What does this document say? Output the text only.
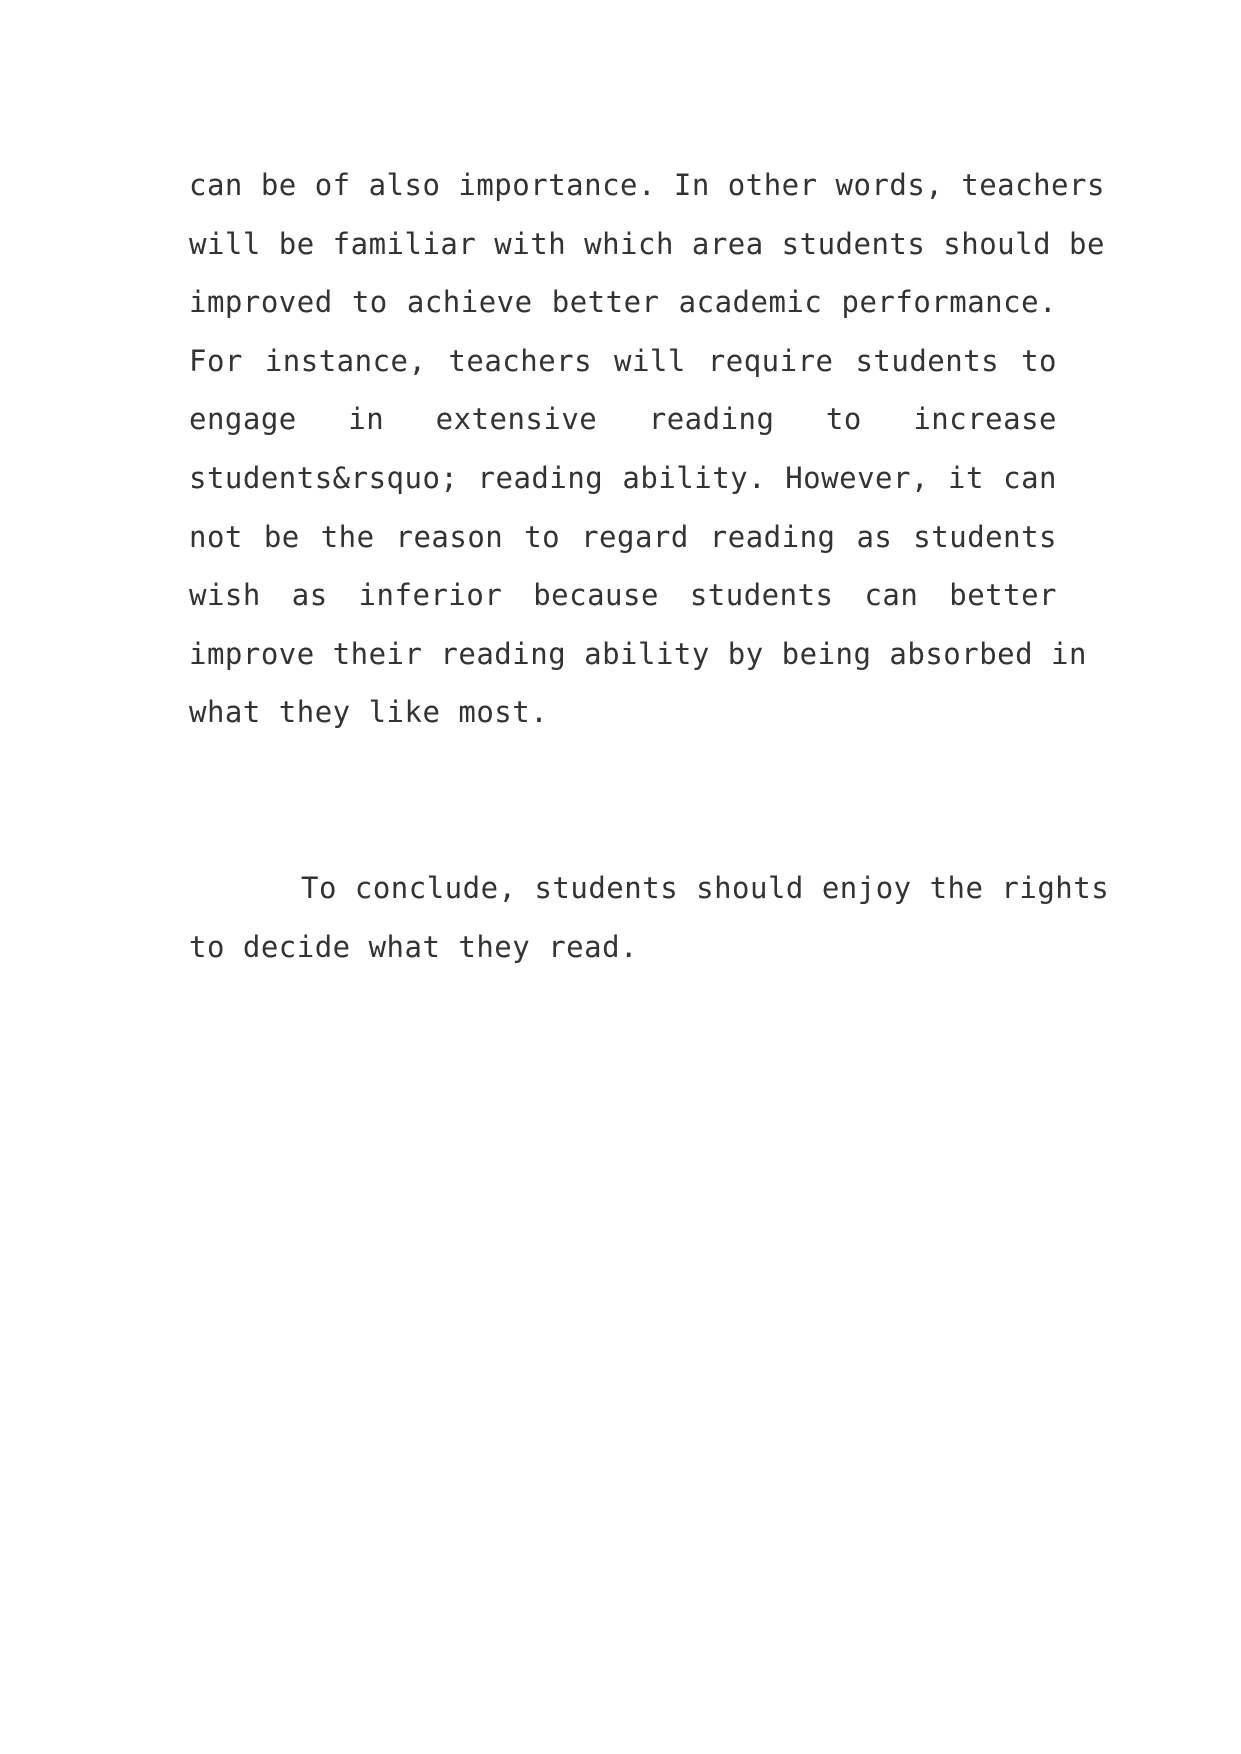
can be of also importance. In other words, teachers
will be familiar with which area students should be
improved to achieve better academic performance.
For instance, teachers will require students to
engage in extensive reading to increase
students&rsquo; reading ability. However, it can
not be the reason to regard reading as students
wish as inferior because students can better
improve their reading ability by being absorbed in
what they like most.
To conclude, students should enjoy the rights
to decide what they read.
